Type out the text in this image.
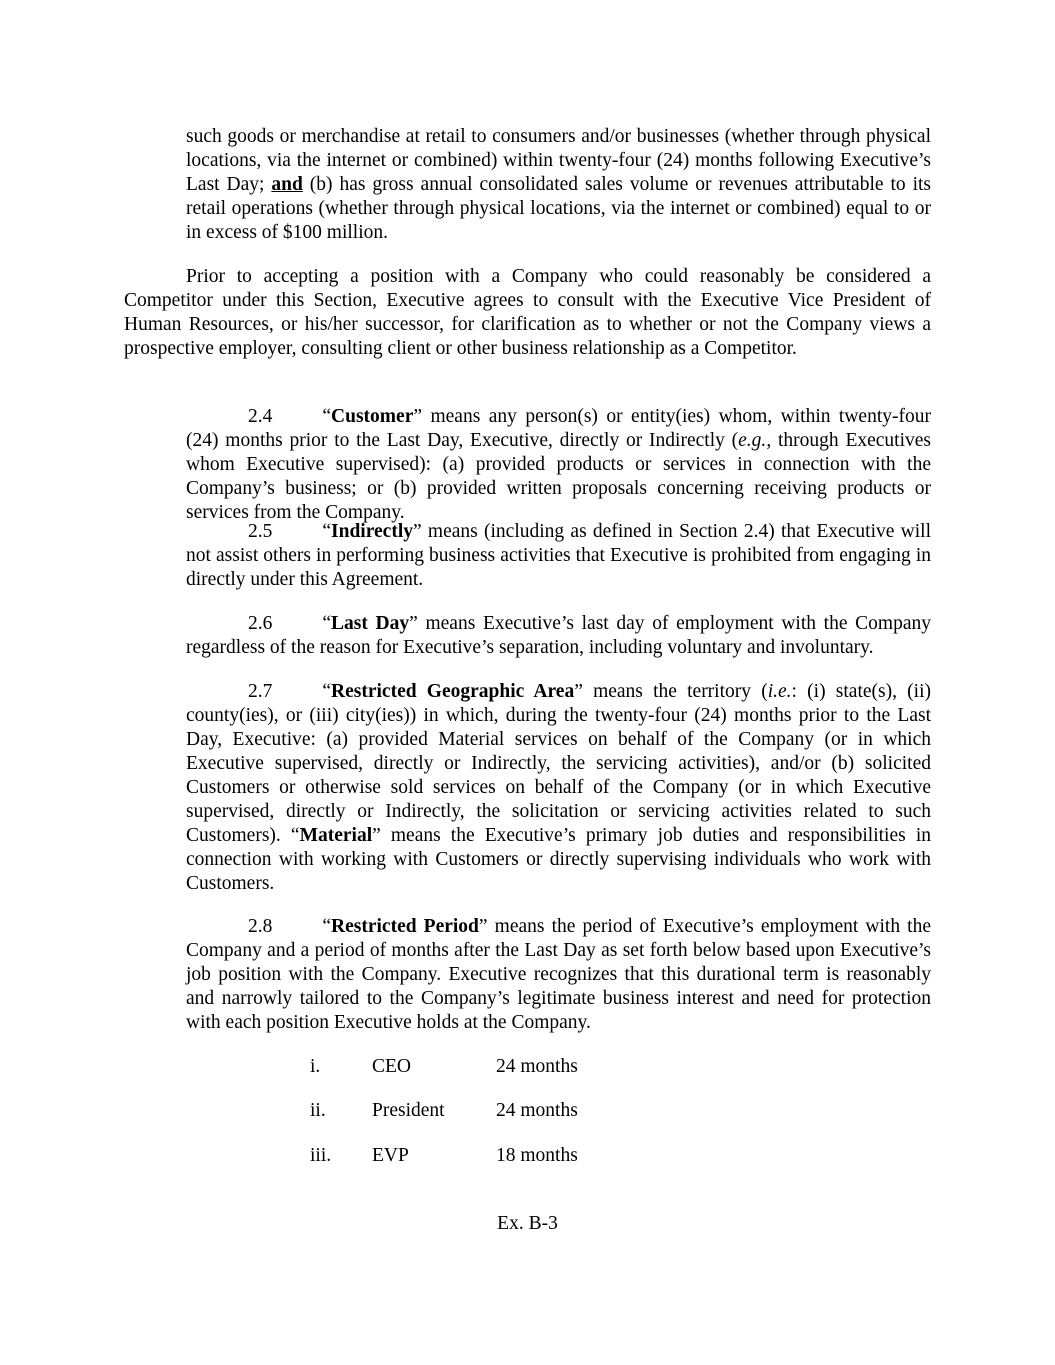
such goods or merchandise at retail to consumers and/or businesses (whether through physical locations, via the internet or combined) within twenty-four (24) months following Executive’s Last Day; and (b) has gross annual consolidated sales volume or revenues attributable to its retail operations (whether through physical locations, via the internet or combined) equal to or in excess of $100 million.

Prior to accepting a position with a Company who could reasonably be considered a Competitor under this Section, Executive agrees to consult with the Executive Vice President of Human Resources, or his/her successor, for clarification as to whether or not the Company views a prospective employer, consulting client or other business relationship as a Competitor.

2.4	“Customer” means any person(s) or entity(ies) whom, within twenty-four (24) months prior to the Last Day, Executive, directly or Indirectly (e.g., through Executives whom Executive supervised): (a) provided products or services in connection with the Company’s business; or (b) provided written proposals concerning receiving products or services from the Company.

2.5	“Indirectly” means (including as defined in Section 2.4) that Executive will not assist others in performing business activities that Executive is prohibited from engaging in directly under this Agreement.

2.6	“Last Day” means Executive’s last day of employment with the Company regardless of the reason for Executive’s separation, including voluntary and involuntary.

2.7	“Restricted Geographic Area” means the territory (i.e.: (i) state(s), (ii) county(ies), or (iii) city(ies)) in which, during the twenty-four (24) months prior to the Last Day, Executive: (a) provided Material services on behalf of the Company (or in which Executive supervised, directly or Indirectly, the servicing activities), and/or (b) solicited Customers or otherwise sold services on behalf of the Company (or in which Executive supervised, directly or Indirectly, the solicitation or servicing activities related to such Customers). “Material” means the Executive’s primary job duties and responsibilities in connection with working with Customers or directly supervising individuals who work with Customers.

2.8	“Restricted Period” means the period of Executive’s employment with the Company and a period of months after the Last Day as set forth below based upon Executive’s job position with the Company. Executive recognizes that this durational term is reasonably and narrowly tailored to the Company’s legitimate business interest and need for protection with each position Executive holds at the Company.

i.	CEO	24 months
ii. President	24 months
iii. EVP	18 months
Ex. B-3
